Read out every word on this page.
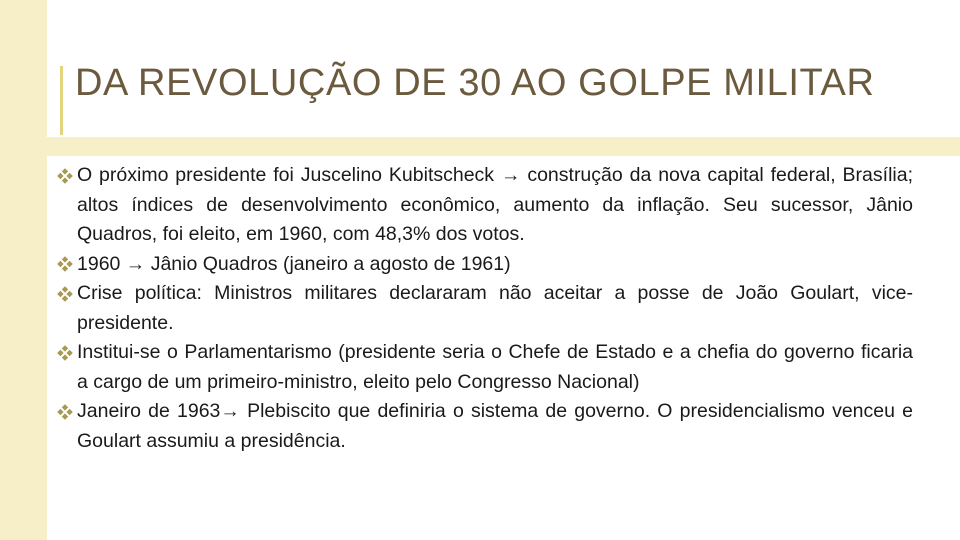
DA REVOLUÇÃO DE 30 AO GOLPE MILITAR
O próximo presidente foi Juscelino Kubitscheck → construção da nova capital federal, Brasília; altos índices de desenvolvimento econômico, aumento da inflação. Seu sucessor, Jânio Quadros, foi eleito, em 1960, com 48,3% dos votos.
1960 → Jânio Quadros (janeiro a agosto de 1961)
Crise política: Ministros militares declararam não aceitar a posse de João Goulart, vice-presidente.
Institui-se o Parlamentarismo (presidente seria o Chefe de Estado e a chefia do governo ficaria a cargo de um primeiro-ministro, eleito pelo Congresso Nacional)
Janeiro de 1963→ Plebiscito que definiria o sistema de governo. O presidencialismo venceu e Goulart assumiu a presidência.
